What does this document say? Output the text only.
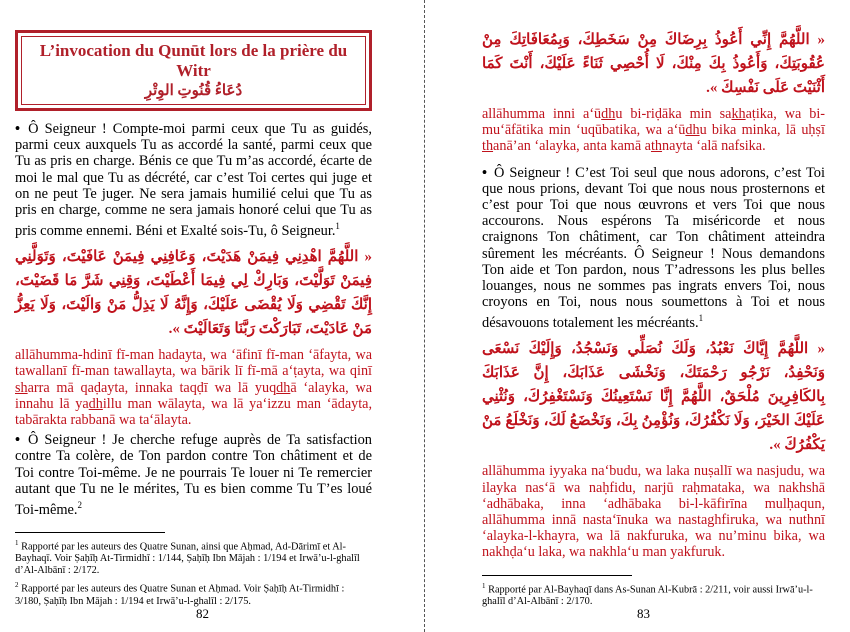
L’invocation du Qunūt lors de la prière du Witr
دُعَاءُ قُنُوتِ الوِتْرِ

• Ô Seigneur ! Compte-moi parmi ceux que Tu as guidés, parmi ceux auxquels Tu as accordé la santé, parmi ceux que Tu as pris en charge. Bénis ce que Tu m’as accordé, écarte de moi le mal que Tu as décrété, car c’est Toi certes qui juge et on ne peut Te juger. Ne sera jamais humilié celui que Tu as pris en charge, comme ne sera jamais honoré celui que Tu as pris comme ennemi. Béni et Exalté sois-Tu, ô Seigneur.$^1$

« اللَّهُمَّ اهْدِنِي فِيمَنْ هَدَيْتَ، وَعَافِنِي فِيمَنْ عَافَيْتَ، وَتَوَلَّنِي فِيمَنْ تَوَلَّيْتَ، وَبَارِكْ لِي فِيمَا أَعْطَيْتَ، وَقِنِي شَرَّ مَا قَضَيْتَ، إِنَّكَ تَقْضِي وَلَا يُقْضَى عَلَيْكَ، وَإِنَّهُ لَا يَذِلُّ مَنْ وَالَيْتَ، وَلَا يَعِزُّ مَنْ عَادَيْتَ، تَبَارَكْتَ رَبَّنَا وَتَعَالَيْتَ ».

allāhumma-hdinī fī-man hadayta, wa ‘āfinī fī-man ‘āfayta, wa tawallanī fī-man tawallayta, wa bārik lī fī-mā a‘ṭayta, wa qinī sharra mā qaḍayta, innaka taqḍī wa lā yuqdhā ‘alayka, wa innahu lā yadhillu man wālayta, wa lā ya‘izzu man ‘ādayta, tabārakta rabbanā wa ta‘ālayta.

• Ô Seigneur ! Je cherche refuge auprès de Ta satisfaction contre Ta colère, de Ton pardon contre Ton châtiment et de Toi contre Toi-même. Je ne pourrais Te louer ni Te remercier autant que Tu ne le mérites, Tu es bien comme Tu T’es loué Toi-même.$^2$

$^1$ Rapporté par les auteurs des Quatre Sunan, ainsi que Aḥmad, Ad-Dārimī et Al-Bayhaqī. Voir Ṣaḥīḥ At-Tirmidhī : 1/144, Ṣaḥīḥ Ibn Mājah : 1/194 et Irwā’u-l-ghalīl d’Al-Albānī : 2/172.

$^2$ Rapporté par les auteurs des Quatre Sunan et Aḥmad. Voir Ṣaḥīḥ At-Tirmidhī : 3/180, Ṣaḥīḥ Ibn Mājah : 1/194 et Irwā’u-l-ghalīl : 2/175.

82

« اللَّهُمَّ إِنِّي أَعُوذُ بِرِضَاكَ مِنْ سَخَطِكَ، وَبِمُعَافَاتِكَ مِنْ عُقُوبَتِكَ، وَأَعُوذُ بِكَ مِنْكَ، لَا أُحْصِي ثَنَاءً عَلَيْكَ، أَنْتَ كَمَا أَثْنَيْتَ عَلَى نَفْسِكَ ».

allāhumma inni a‘ūdhu bi-riḍāka min sakhaṭika, wa bi-mu‘āfātika min ‘uqūbatika, wa a‘ūdhu bika minka, lā uḥṣī thanā’an ‘alayka, anta kamā athnayta ‘alā nafsika.

• Ô Seigneur ! C’est Toi seul que nous adorons, c’est Toi que nous prions, devant Toi que nous nous prosternons et c’est pour Toi que nous œuvrons et vers Toi que nous accourons. Nous espérons Ta miséricorde et nous craignons Ton châtiment, car Ton châtiment atteindra sûrement les mécréants. Ô Seigneur ! Nous demandons Ton aide et Ton pardon, nous T’adressons les plus belles louanges, nous ne sommes pas ingrats envers Toi, nous croyons en Toi, nous nous soumettons à Toi et nous désavouons totalement les mécréants.$^1$

« اللَّهُمَّ إِيَّاكَ نَعْبُدُ، وَلَكَ نُصَلِّي وَنَسْجُدُ، وَإِلَيْكَ نَسْعَى وَنَحْفِدُ، نَرْجُو رَحْمَتَكَ، وَنَخْشَى عَذَابَكَ، إِنَّ عَذَابَكَ بِالكَافِرِينَ مُلْحَقٌ، اللَّهُمَّ إِنَّا نَسْتَعِينُكَ وَنَسْتَغْفِرُكَ، وَنُثْنِي عَلَيْكَ الخَيْرَ، وَلَا نَكْفُرُكَ، وَنُؤْمِنُ بِكَ، وَنَخْضَعُ لَكَ، وَنَخْلَعُ مَنْ يَكْفُرُكَ ».

allāhumma iyyaka na‘budu, wa laka nuṣallī wa nasjudu, wa ilayka nas‘ā wa naḥfidu, narjū raḥmataka, wa nakhshā ‘adhābaka, inna ‘adhābaka bi-l-kāfirīna mulḥaqun, allāhumma innā nasta‘īnuka wa nastaghfiruka, wa nuthnī ‘alayka-l-khayra, wa lā nakfuruka, wa nu’minu bika, wa nakhḍa‘u laka, wa nakhla‘u man yakfuruk.

$^1$ Rapporté par Al-Bayhaqī dans As-Sunan Al-Kubrā : 2/211, voir aussi Irwā’u-l-ghalīl d’Al-Albānī : 2/170.

83
